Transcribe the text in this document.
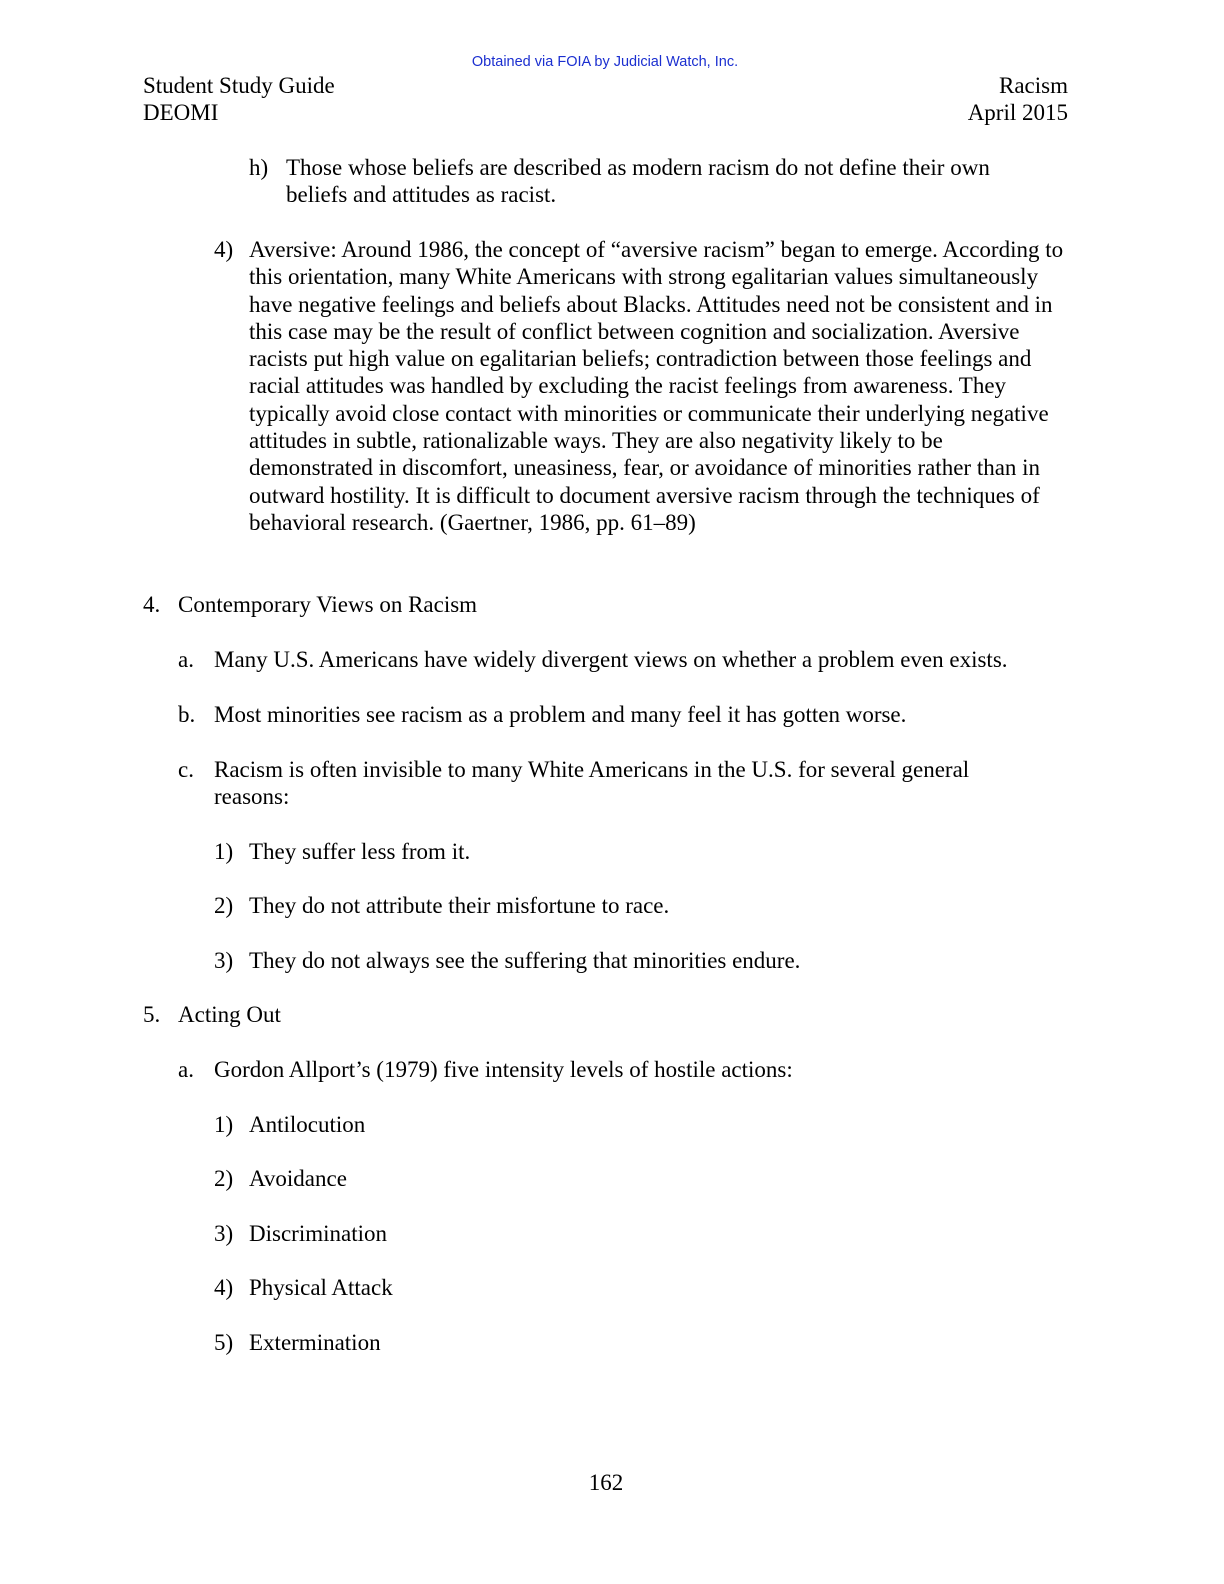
Obtained via FOIA by Judicial Watch, Inc.
Student Study Guide
DEOMI
Racism
April 2015
h) Those whose beliefs are described as modern racism do not define their own
beliefs and attitudes as racist.
4) Aversive: Around 1986, the concept of “aversive racism” began to emerge. According to this orientation, many White Americans with strong egalitarian values simultaneously have negative feelings and beliefs about Blacks. Attitudes need not be consistent and in this case may be the result of conflict between cognition and socialization. Aversive racists put high value on egalitarian beliefs; contradiction between those feelings and racial attitudes was handled by excluding the racist feelings from awareness. They typically avoid close contact with minorities or communicate their underlying negative attitudes in subtle, rationalizable ways. They are also negativity likely to be demonstrated in discomfort, uneasiness, fear, or avoidance of minorities rather than in outward hostility. It is difficult to document aversive racism through the techniques of behavioral research. (Gaertner, 1986, pp. 61–89)
4. Contemporary Views on Racism
a. Many U.S. Americans have widely divergent views on whether a problem even exists.
b. Most minorities see racism as a problem and many feel it has gotten worse.
c. Racism is often invisible to many White Americans in the U.S. for several general
reasons:
1) They suffer less from it.
2) They do not attribute their misfortune to race.
3) They do not always see the suffering that minorities endure.
5. Acting Out
a. Gordon Allport’s (1979) five intensity levels of hostile actions:
1) Antilocution
2) Avoidance
3) Discrimination
4) Physical Attack
5) Extermination
162
